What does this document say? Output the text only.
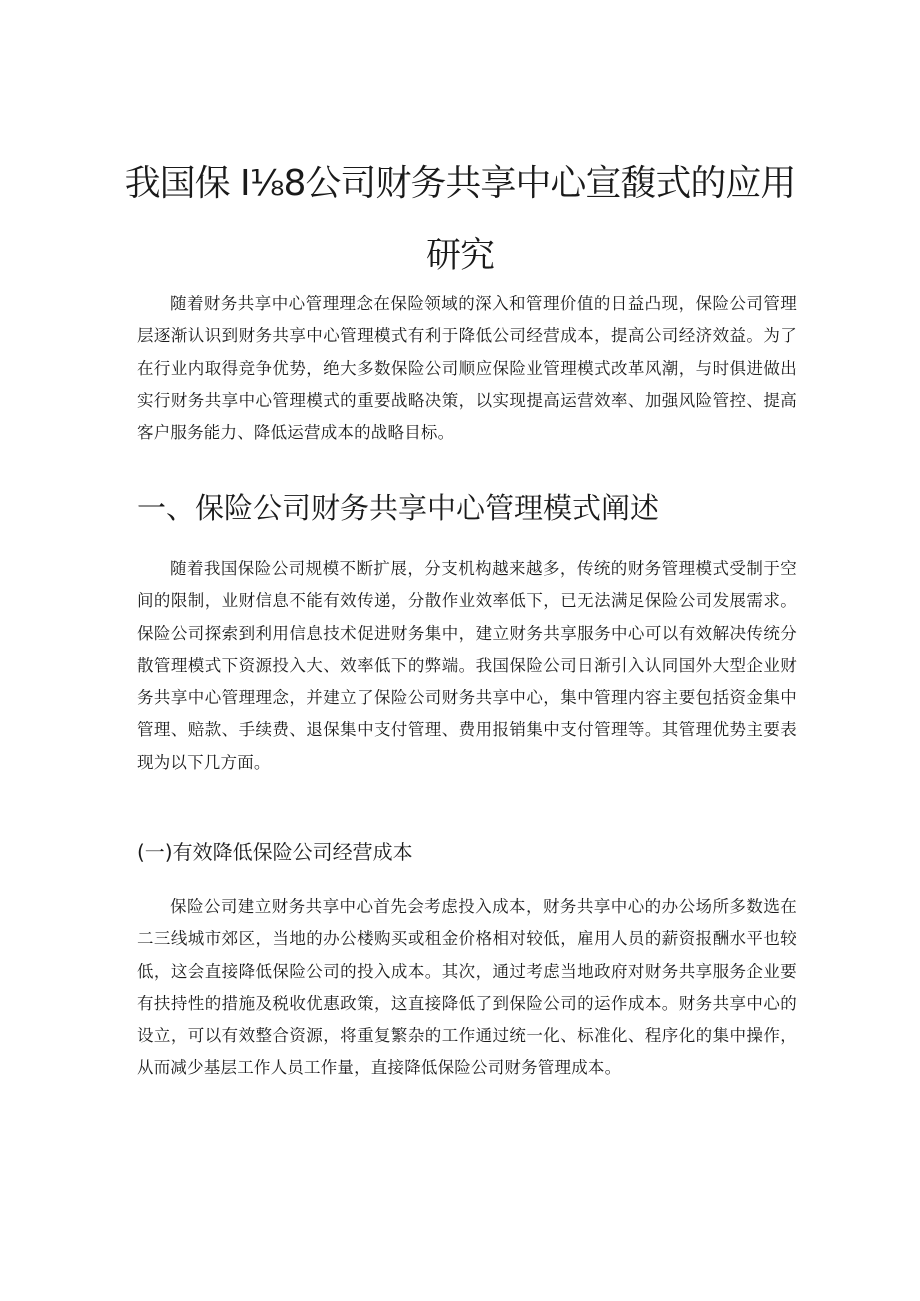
我国保 I⅛8公司财务共享中心宣馥式的应用
研究

随着财务共享中心管理理念在保险领域的深入和管理价值的日益凸现，保险公司管理层逐渐认识到财务共享中心管理模式有利于降低公司经营成本，提高公司经济效益。为了在行业内取得竞争优势，绝大多数保险公司顺应保险业管理模式改革风潮，与时俱进做出实行财务共享中心管理模式的重要战略决策，以实现提高运营效率、加强风险管控、提高客户服务能力、降低运营成本的战略目标。

一、保险公司财务共享中心管理模式阐述

随着我国保险公司规模不断扩展，分支机构越来越多，传统的财务管理模式受制于空间的限制，业财信息不能有效传递，分散作业效率低下，已无法满足保险公司发展需求。保险公司探索到利用信息技术促进财务集中，建立财务共享服务中心可以有效解决传统分散管理模式下资源投入大、效率低下的弊端。我国保险公司日渐引入认同国外大型企业财务共享中心管理理念，并建立了保险公司财务共享中心，集中管理内容主要包括资金集中管理、赔款、手续费、退保集中支付管理、费用报销集中支付管理等。其管理优势主要表现为以下几方面。

(一)有效降低保险公司经营成本

保险公司建立财务共享中心首先会考虑投入成本，财务共享中心的办公场所多数选在二三线城市郊区，当地的办公楼购买或租金价格相对较低，雇用人员的薪资报酬水平也较低，这会直接降低保险公司的投入成本。其次，通过考虑当地政府对财务共享服务企业要有扶持性的措施及税收优惠政策，这直接降低了到保险公司的运作成本。财务共享中心的设立，可以有效整合资源，将重复繁杂的工作通过统一化、标准化、程序化的集中操作，从而减少基层工作人员工作量，直接降低保险公司财务管理成本。
